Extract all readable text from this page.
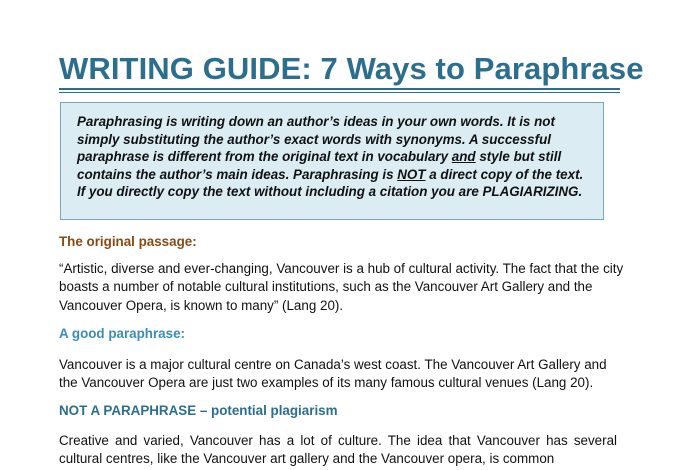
WRITING GUIDE: 7 Ways to Paraphrase

Paraphrasing is writing down an author’s ideas in your own words. It is not simply substituting the author’s exact words with synonyms. A successful paraphrase is different from the original text in vocabulary and style but still contains the author’s main ideas. Paraphrasing is NOT a direct copy of the text. If you directly copy the text without including a citation you are PLAGIARIZING.

The original passage:

“Artistic, diverse and ever-changing, Vancouver is a hub of cultural activity. The fact that the city boasts a number of notable cultural institutions, such as the Vancouver Art Gallery and the Vancouver Opera, is known to many” (Lang 20).

A good paraphrase:

Vancouver is a major cultural centre on Canada’s west coast. The Vancouver Art Gallery and the Vancouver Opera are just two examples of its many famous cultural venues (Lang 20).

NOT A PARAPHRASE – potential plagiarism

Creative and varied, Vancouver has a lot of culture. The idea that Vancouver has several cultural centres, like the Vancouver art gallery and the Vancouver opera, is common
